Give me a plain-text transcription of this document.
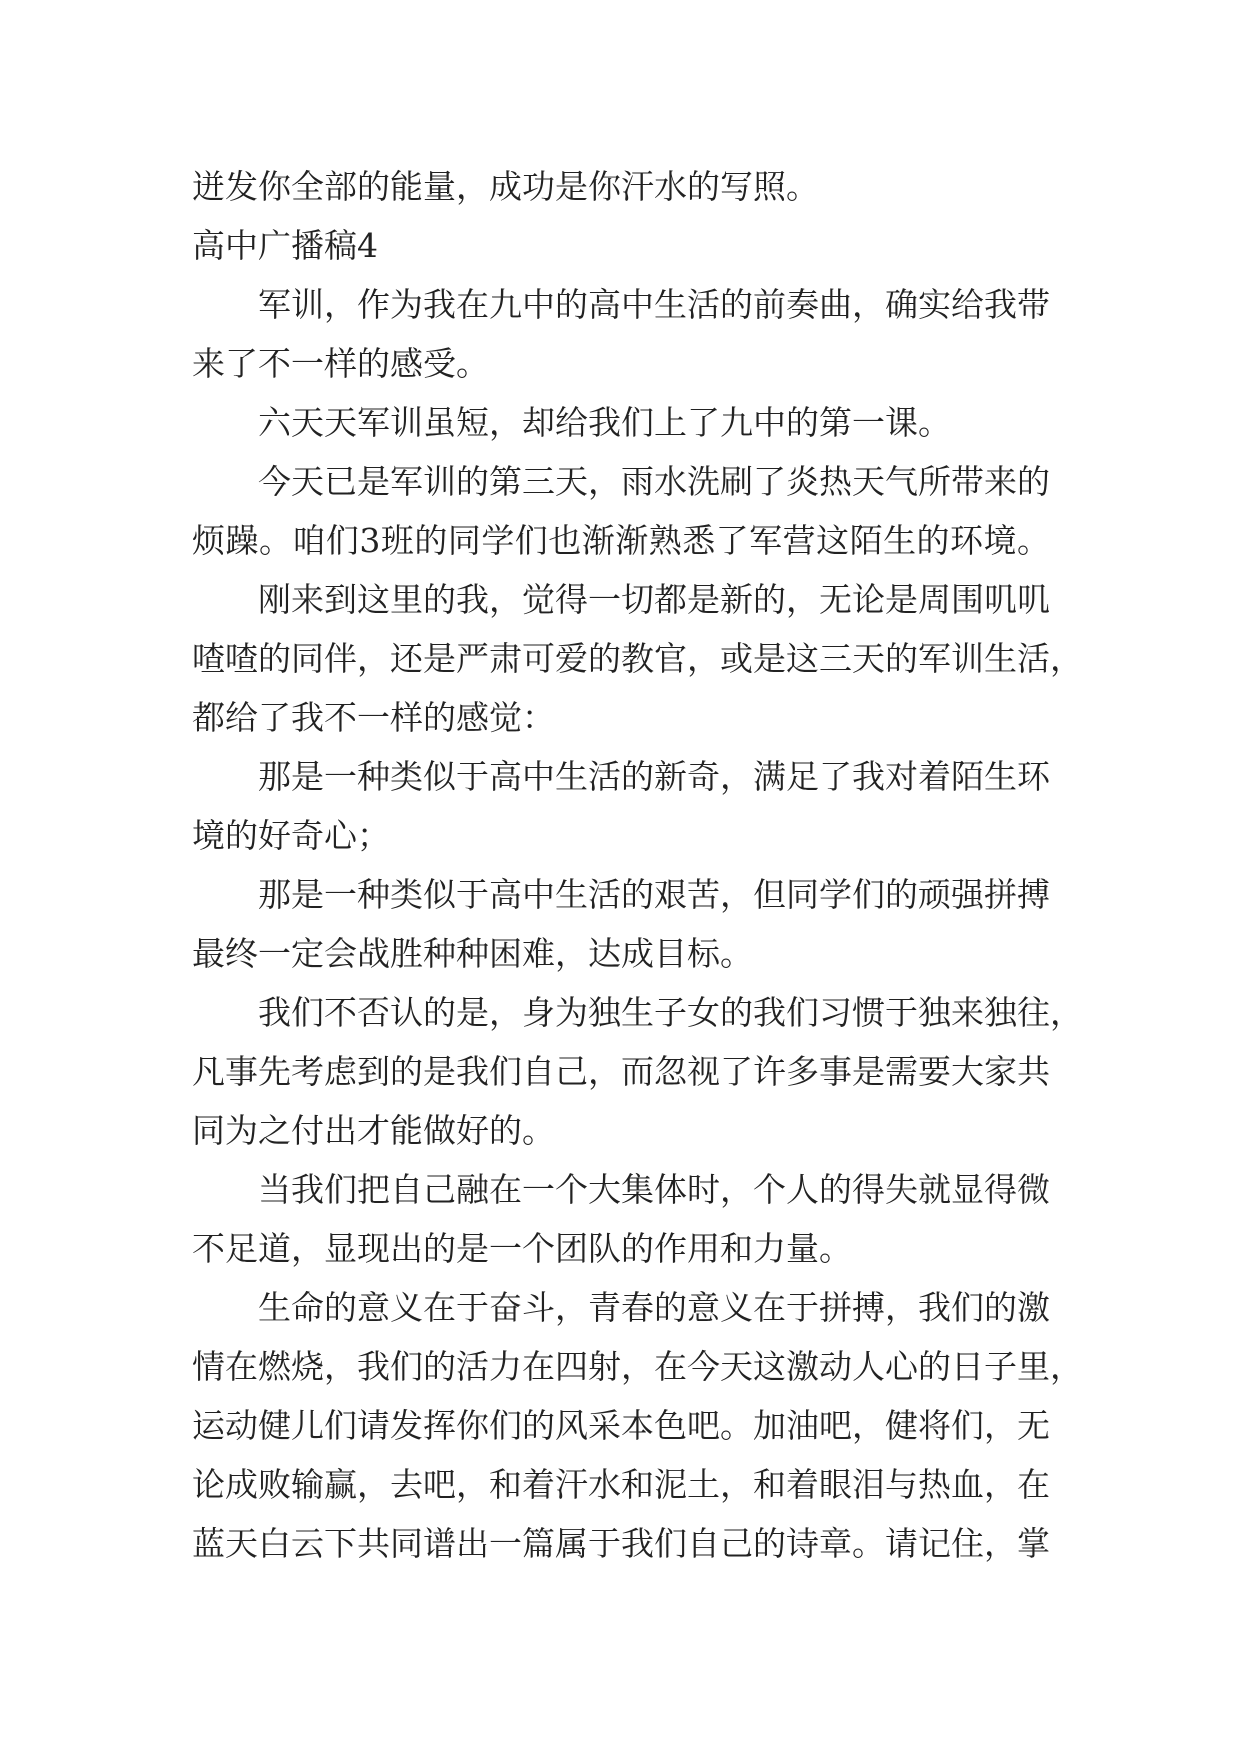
迸发你全部的能量，成功是你汗水的写照。
高中广播稿4
军训，作为我在九中的高中生活的前奏曲，确实给我带
来了不一样的感受。
六天天军训虽短，却给我们上了九中的第一课。
今天已是军训的第三天，雨水洗刷了炎热天气所带来的
烦躁。咱们3班的同学们也渐渐熟悉了军营这陌生的环境。
刚来到这里的我，觉得一切都是新的，无论是周围叽叽
喳喳的同伴，还是严肃可爱的教官，或是这三天的军训生活，
都给了我不一样的感觉：
那是一种类似于高中生活的新奇，满足了我对着陌生环
境的好奇心；
那是一种类似于高中生活的艰苦，但同学们的顽强拼搏
最终一定会战胜种种困难，达成目标。
我们不否认的是，身为独生子女的我们习惯于独来独往，
凡事先考虑到的是我们自己，而忽视了许多事是需要大家共
同为之付出才能做好的。
当我们把自己融在一个大集体时，个人的得失就显得微
不足道，显现出的是一个团队的作用和力量。
生命的意义在于奋斗，青春的意义在于拼搏，我们的激
情在燃烧，我们的活力在四射，在今天这激动人心的日子里，
运动健儿们请发挥你们的风采本色吧。加油吧，健将们，无
论成败输赢，去吧，和着汗水和泥土，和着眼泪与热血，在
蓝天白云下共同谱出一篇属于我们自己的诗章。请记住，掌
